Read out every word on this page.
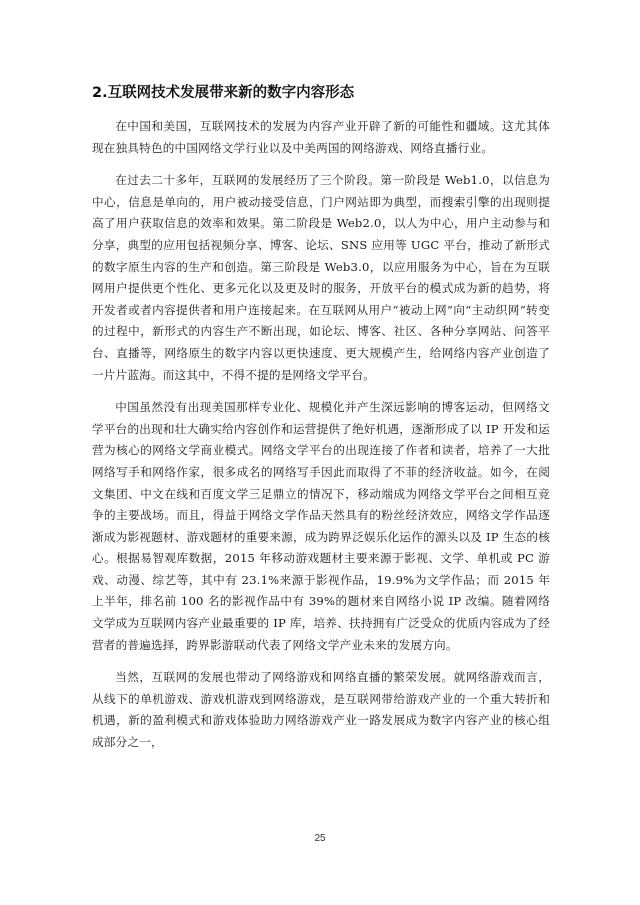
2.互联网技术发展带来新的数字内容形态

在中国和美国，互联网技术的发展为内容产业开辟了新的可能性和疆域。这尤其体现在独具特色的中国网络文学行业以及中美两国的网络游戏、网络直播行业。

在过去二十多年，互联网的发展经历了三个阶段。第一阶段是 Web1.0，以信息为中心，信息是单向的，用户被动接受信息，门户网站即为典型，而搜索引擎的出现则提高了用户获取信息的效率和效果。第二阶段是 Web2.0，以人为中心，用户主动参与和分享，典型的应用包括视频分享、博客、论坛、SNS 应用等 UGC 平台，推动了新形式的数字原生内容的生产和创造。第三阶段是 Web3.0，以应用服务为中心，旨在为互联网用户提供更个性化、更多元化以及更及时的服务，开放平台的模式成为新的趋势，将开发者或者内容提供者和用户连接起来。在互联网从用户“被动上网”向“主动织网”转变的过程中，新形式的内容生产不断出现，如论坛、博客、社区、各种分享网站、问答平台、直播等，网络原生的数字内容以更快速度、更大规模产生，给网络内容产业创造了一片片蓝海。而这其中，不得不提的是网络文学平台。

中国虽然没有出现美国那样专业化、规模化并产生深远影响的博客运动，但网络文学平台的出现和壮大确实给内容创作和运营提供了绝好机遇，逐渐形成了以 IP 开发和运营为核心的网络文学商业模式。网络文学平台的出现连接了作者和读者，培养了一大批网络写手和网络作家，很多成名的网络写手因此而取得了不菲的经济收益。如今，在阅文集团、中文在线和百度文学三足鼎立的情况下，移动端成为网络文学平台之间相互竞争的主要战场。而且，得益于网络文学作品天然具有的粉丝经济效应，网络文学作品逐渐成为影视题材、游戏题材的重要来源，成为跨界泛娱乐化运作的源头以及 IP 生态的核心。根据易智观库数据，2015 年移动游戏题材主要来源于影视、文学、单机或 PC 游戏、动漫、综艺等，其中有 23.1%来源于影视作品，19.9%为文学作品；而 2015 年上半年，排名前 100 名的影视作品中有 39%的题材来自网络小说 IP 改编。随着网络文学成为互联网内容产业最重要的 IP 库，培养、扶持拥有广泛受众的优质内容成为了经营者的普遍选择，跨界影游联动代表了网络文学产业未来的发展方向。

当然，互联网的发展也带动了网络游戏和网络直播的繁荣发展。就网络游戏而言，从线下的单机游戏、游戏机游戏到网络游戏，是互联网带给游戏产业的一个重大转折和机遇，新的盈利模式和游戏体验助力网络游戏产业一路发展成为数字内容产业的核心组成部分之一，

25
